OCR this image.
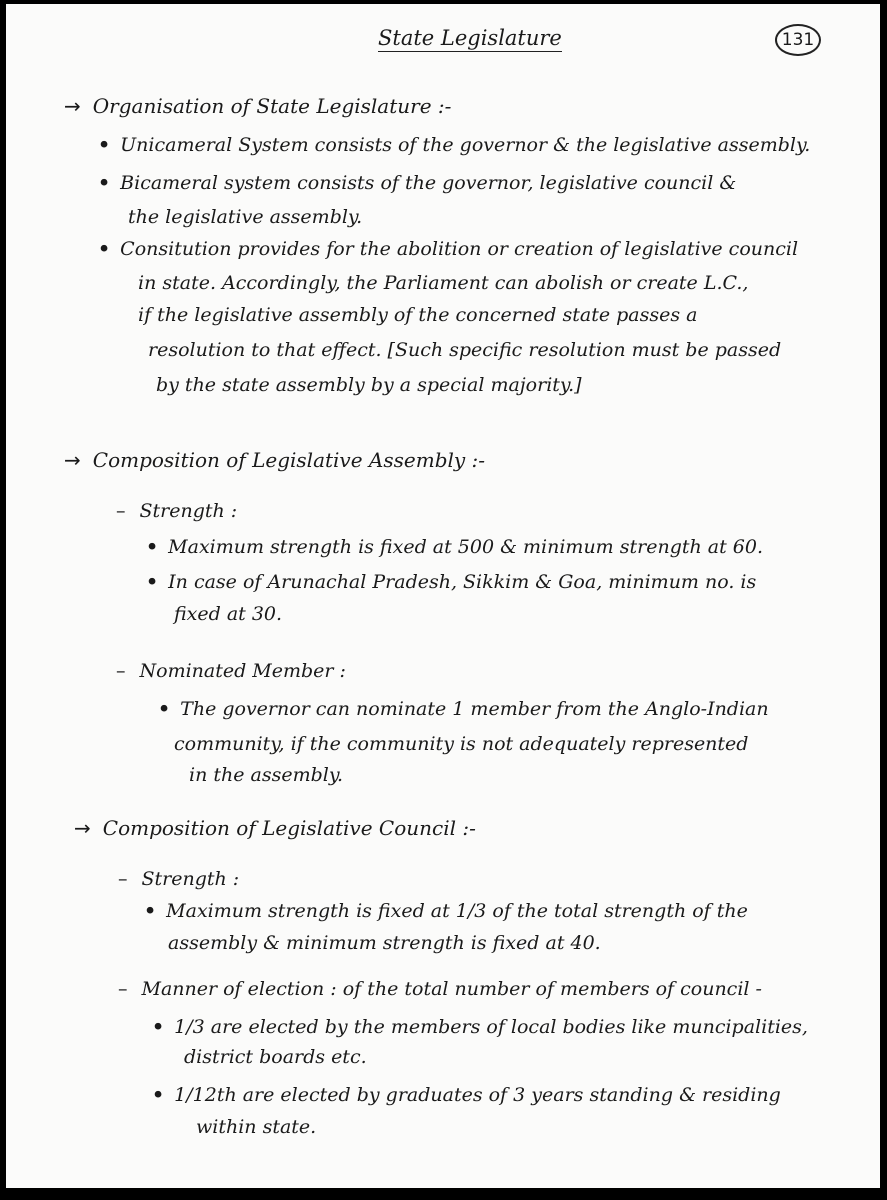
State Legislature	131
→ Organisation of State Legislature :-
• Unicameral System consists of the governor & the legislative assembly.
• Bicameral system consists of the governor, legislative council &
the legislative assembly.
• Consitution provides for the abolition or creation of legislative council
in state. Accordingly, the Parliament can abolish or create L.C.,
if the legislative assembly of the concerned state passes a
resolution to that effect. [Such specific resolution must be passed
by the state assembly by a special majority.]
→ Composition of Legislative Assembly :-
– Strength :
• Maximum strength is fixed at 500 & minimum strength at 60.
• In case of Arunachal Pradesh, Sikkim & Goa, minimum no. is
fixed at 30.
– Nominated Member :
• The governor can nominate 1 member from the Anglo-Indian
community, if the community is not adequately represented
in the assembly.
→ Composition of Legislative Council :-
– Strength :
• Maximum strength is fixed at 1/3 of the total strength of the
assembly & minimum strength is fixed at 40.
– Manner of election : of the total number of members of council -
• 1/3 are elected by the members of local bodies like muncipalities,
district boards etc.
• 1/12th are elected by graduates of 3 years standing & residing
within state.
